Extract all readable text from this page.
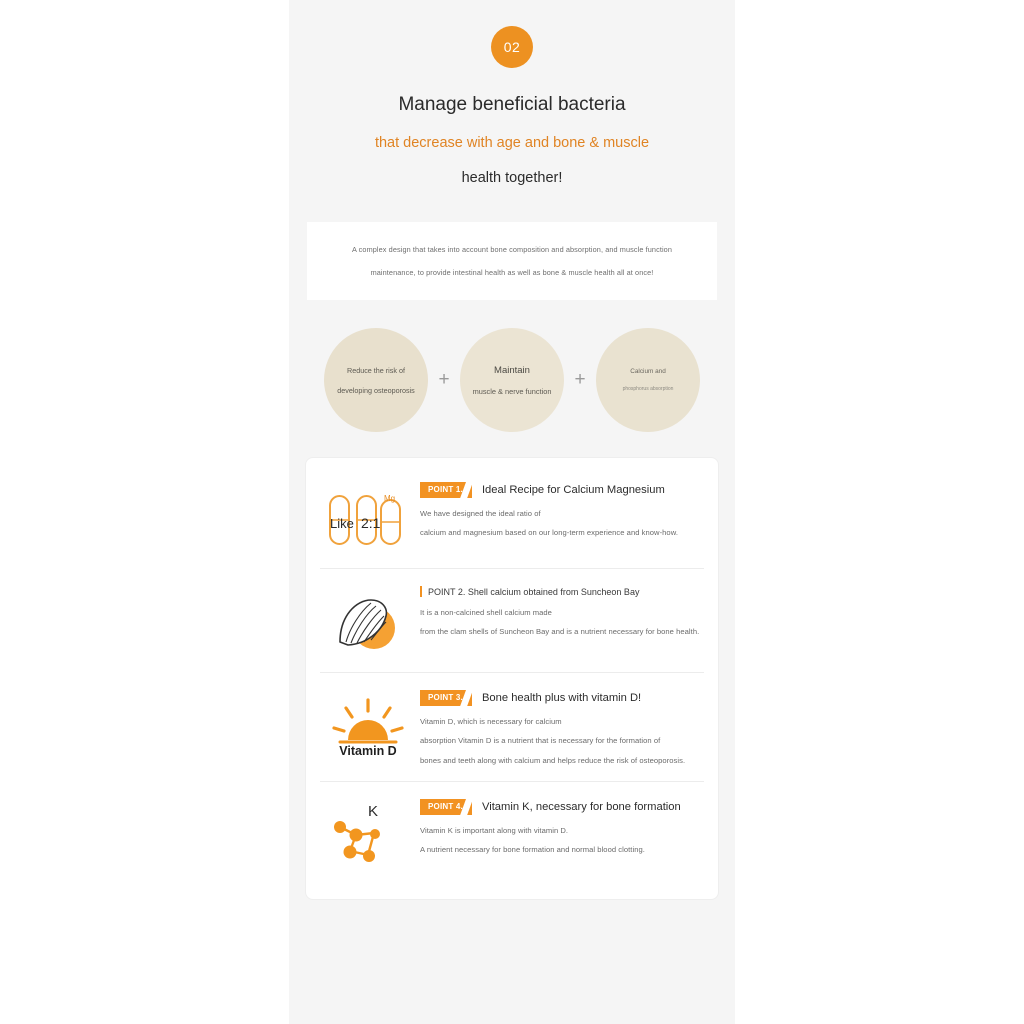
02
Manage beneficial bacteria
that decrease with age and bone & muscle
health together!
A complex design that takes into account bone composition and absorption, and muscle function
maintenance, to provide intestinal health as well as bone & muscle health all at once!
Reduce the risk of
developing osteoporosis	+	Maintain
muscle & nerve function
+	Calcium and
phosphorus absorption
Like 2:1
Mg
POINT 1.	Ideal Recipe for Calcium Magnesium
We have designed the ideal ratio of
calcium and magnesium based on our long-term experience and know-how.
POINT 2. Shell calcium obtained from Suncheon Bay
It is a non-calcined shell calcium made
from the clam shells of Suncheon Bay and is a nutrient necessary for bone health.
Vitamin D
POINT 3.	Bone health plus with vitamin D!
Vitamin D, which is necessary for calcium
absorption Vitamin D is a nutrient that is necessary for the formation of
bones and teeth along with calcium and helps reduce the risk of osteoporosis.
K	POINT 4.	Vitamin K, necessary for bone formation
Vitamin K is important along with vitamin D.
A nutrient necessary for bone formation and normal blood clotting.
